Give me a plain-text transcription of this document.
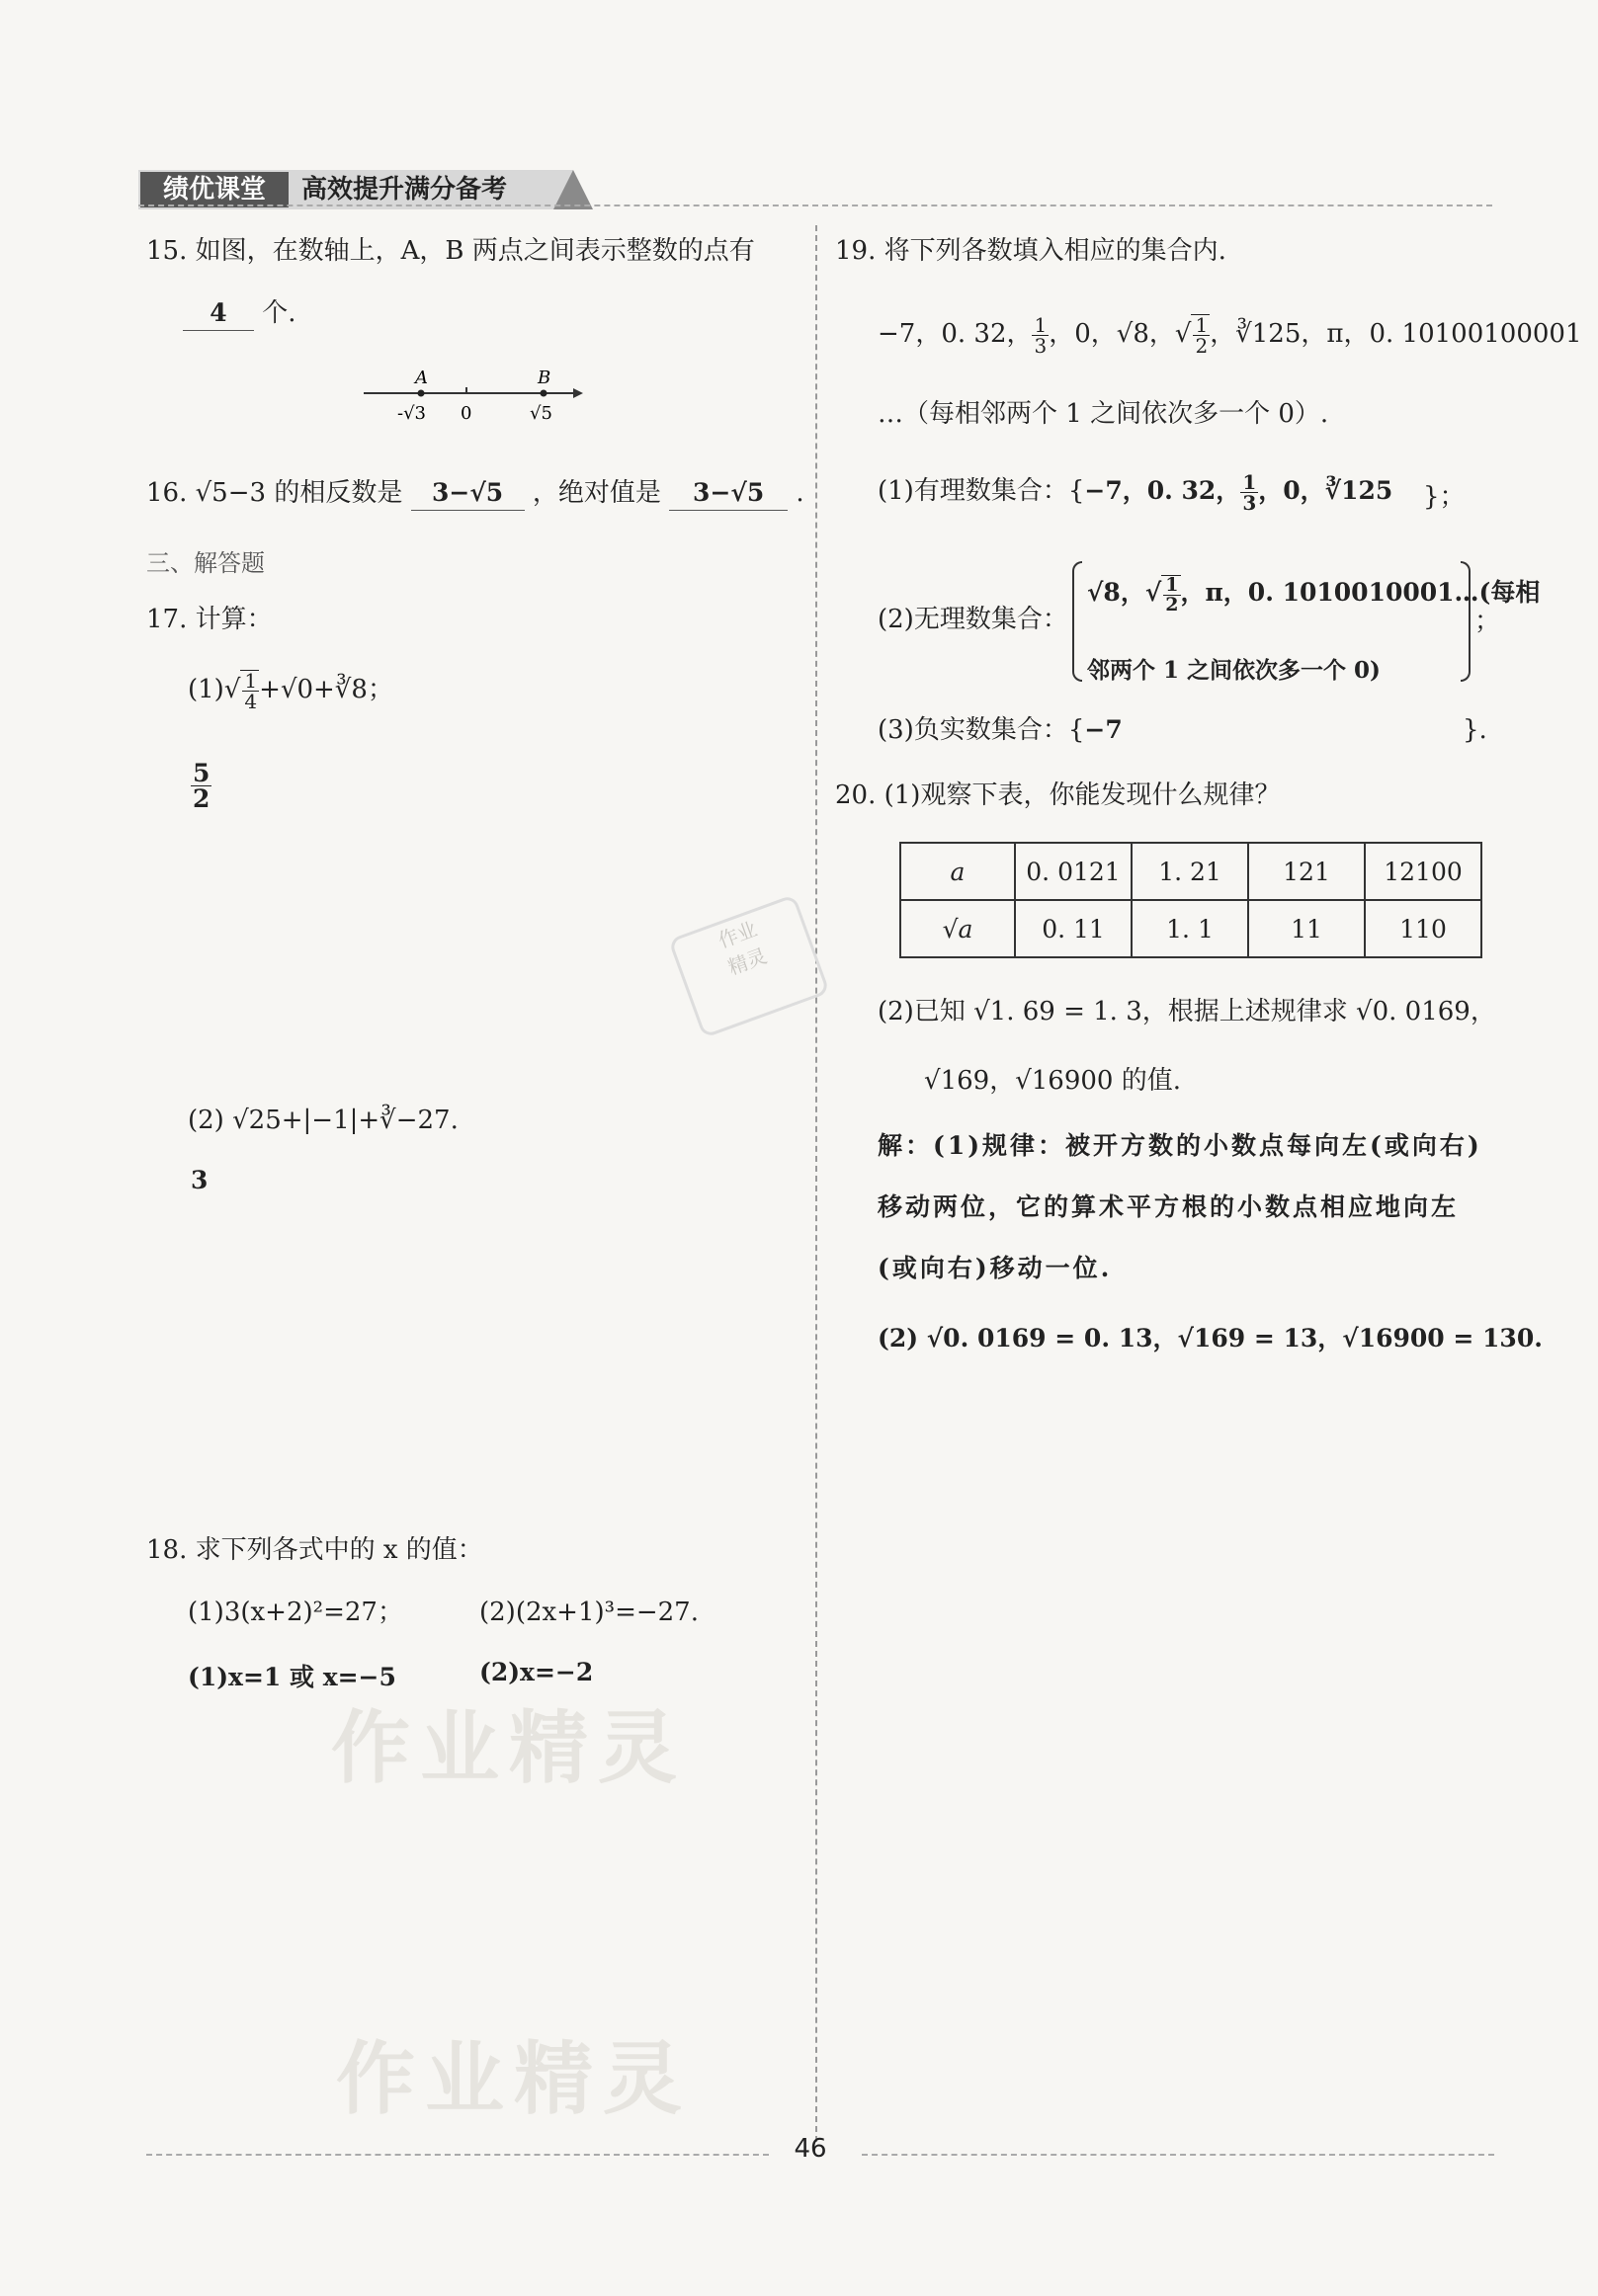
绩优课堂	高效提升满分备考
作业精灵
作业精灵
作业
精灵
15. 如图，在数轴上，A，B 两点之间表示整数的点有
4 个.
A	B
-√3 0	√5
16. √5−3 的相反数是 3−√5 ，绝对值是 3−√5 .
三、解答题
17. 计算：
$(1)√ \frac{1}{4}$ +√0+∛8；
$\frac{5}{2}$
(2) √25+|−1|+∛−27.
3
18. 求下列各式中的 x 的值：
(1)3(x+2)²=27；	(2)(2x+1)³=−27.
(1)x=1 或 x=−5	(2)x=−2
19. 将下列各数填入相应的集合内.
−7，0. 32， $\frac{1}{3}$ ，0，√8，√ $\frac{1}{2}$ ，∛125，π，0. 10100100001
…（每相邻两个 1 之间依次多一个 0）.
(1)有理数集合：{−7，0. 32， $\frac{1}{3}$ ，0，∛125 }；
(2)无理数集合：
√8，√ $\frac{1}{2}$ ，π，0. 1010010001…(每相
邻两个 1 之间依次多一个 0)
；
(3)负实数集合：{−7	}.
20. (1)观察下表，你能发现什么规律？
a	0. 0121	1. 21	121	12100
√a	0. 11	1. 1	11	110
(2)已知 √1. 69 = 1. 3，根据上述规律求 √0. 0169，
√169，√16900 的值.
解：(1)规律：被开方数的小数点每向左(或向右)
移动两位，它的算术平方根的小数点相应地向左
(或向右)移动一位.
(2) √0. 0169 = 0. 13，√169 = 13，√16900 = 130.
46
